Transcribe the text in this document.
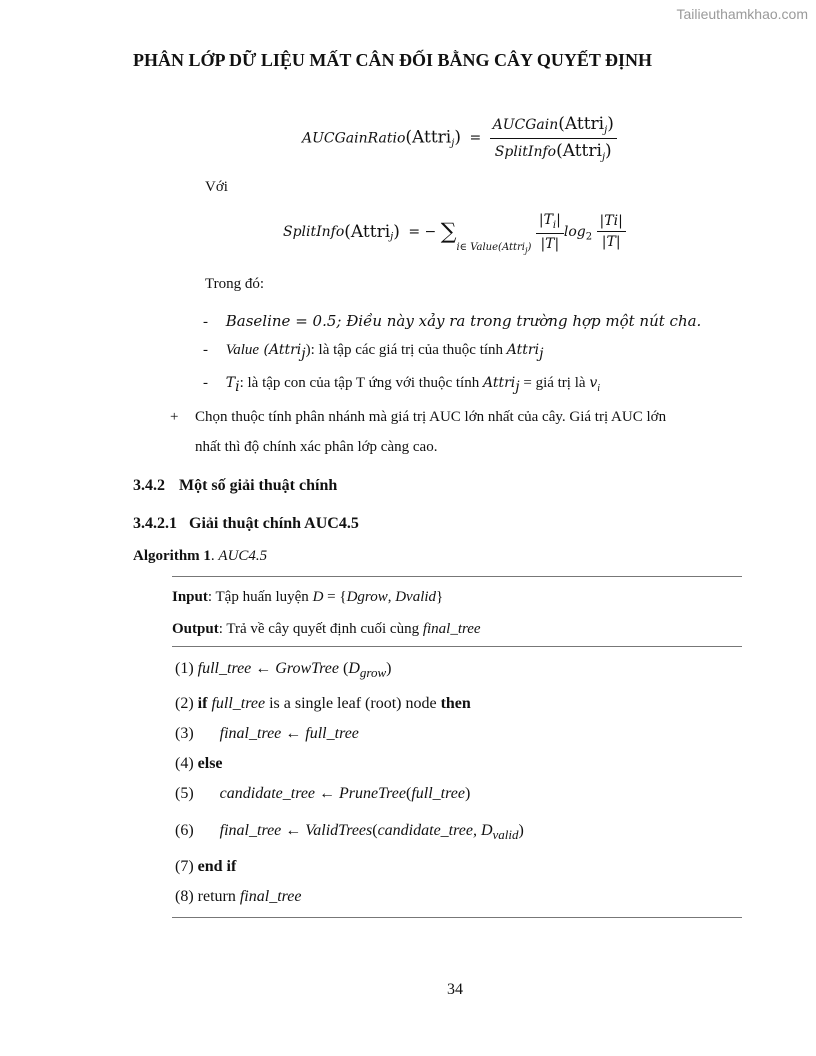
Tailieuthamkhao.com
PHÂN LỚP DỮ LIỆU MẤT CÂN ĐỐI BẰNG CÂY QUYẾT ĐỊNH
AUCGainRatio(Attri$_j$) = $\frac{AUCGain(Attri_j)}{SplitInfo(Attri_j)}$
Với
SplitInfo(Attri$_j$) = − $\sum_{i\in Value(Attri_j)} \frac{|T_i|}{|T|} \log_2 \frac{|Ti|}{|T|}$
Trong đó:
- Baseline = 0.5; Điều này xảy ra trong trường hợp một nút cha.
- Value (Attri$_j$): là tập các giá trị của thuộc tính Attri$_j$
- $T_i$: là tập con của tập T ứng với thuộc tính Attri$_j$ = giá trị là $v_i$
+ Chọn thuộc tính phân nhánh mà giá trị AUC lớn nhất của cây. Giá trị AUC lớn
nhất thì độ chính xác phân lớp càng cao.
3.4.2 Một số giải thuật chính
3.4.2.1 Giải thuật chính AUC4.5
Algorithm 1. AUC4.5
Input: Tập huấn luyện D = {Dgrow, Dvalid}
Output: Trả về cây quyết định cuối cùng final_tree
(1) full_tree ← GrowTree $(D_{grow})$
(2) if full_tree is a single leaf (root) node then
(3) final_tree ← full_tree
(4) else
(5) candidate_tree ← PruneTree(full_tree)
(6) final_tree ← ValidTrees(candidate_tree, $D_{valid}$)
(7) end if
(8) return final_tree
34
